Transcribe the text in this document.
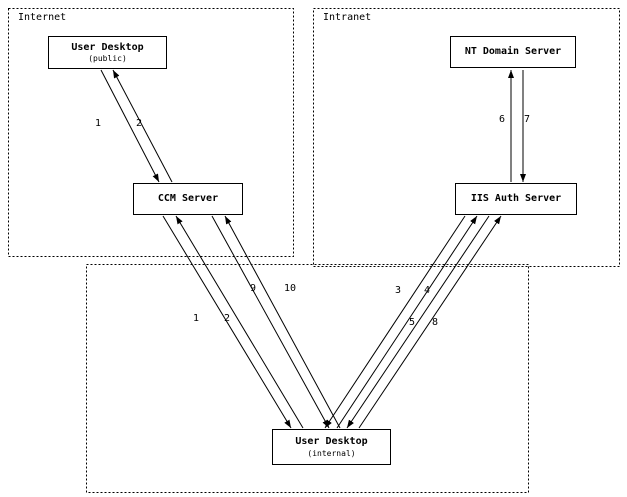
Internet	Intranet
User Desktop
(public)
CCM Server
NT Domain Server
IIS Auth Server
User Desktop
(internal)
1	2	6 7
9	10	3 4
1 2	5 8
